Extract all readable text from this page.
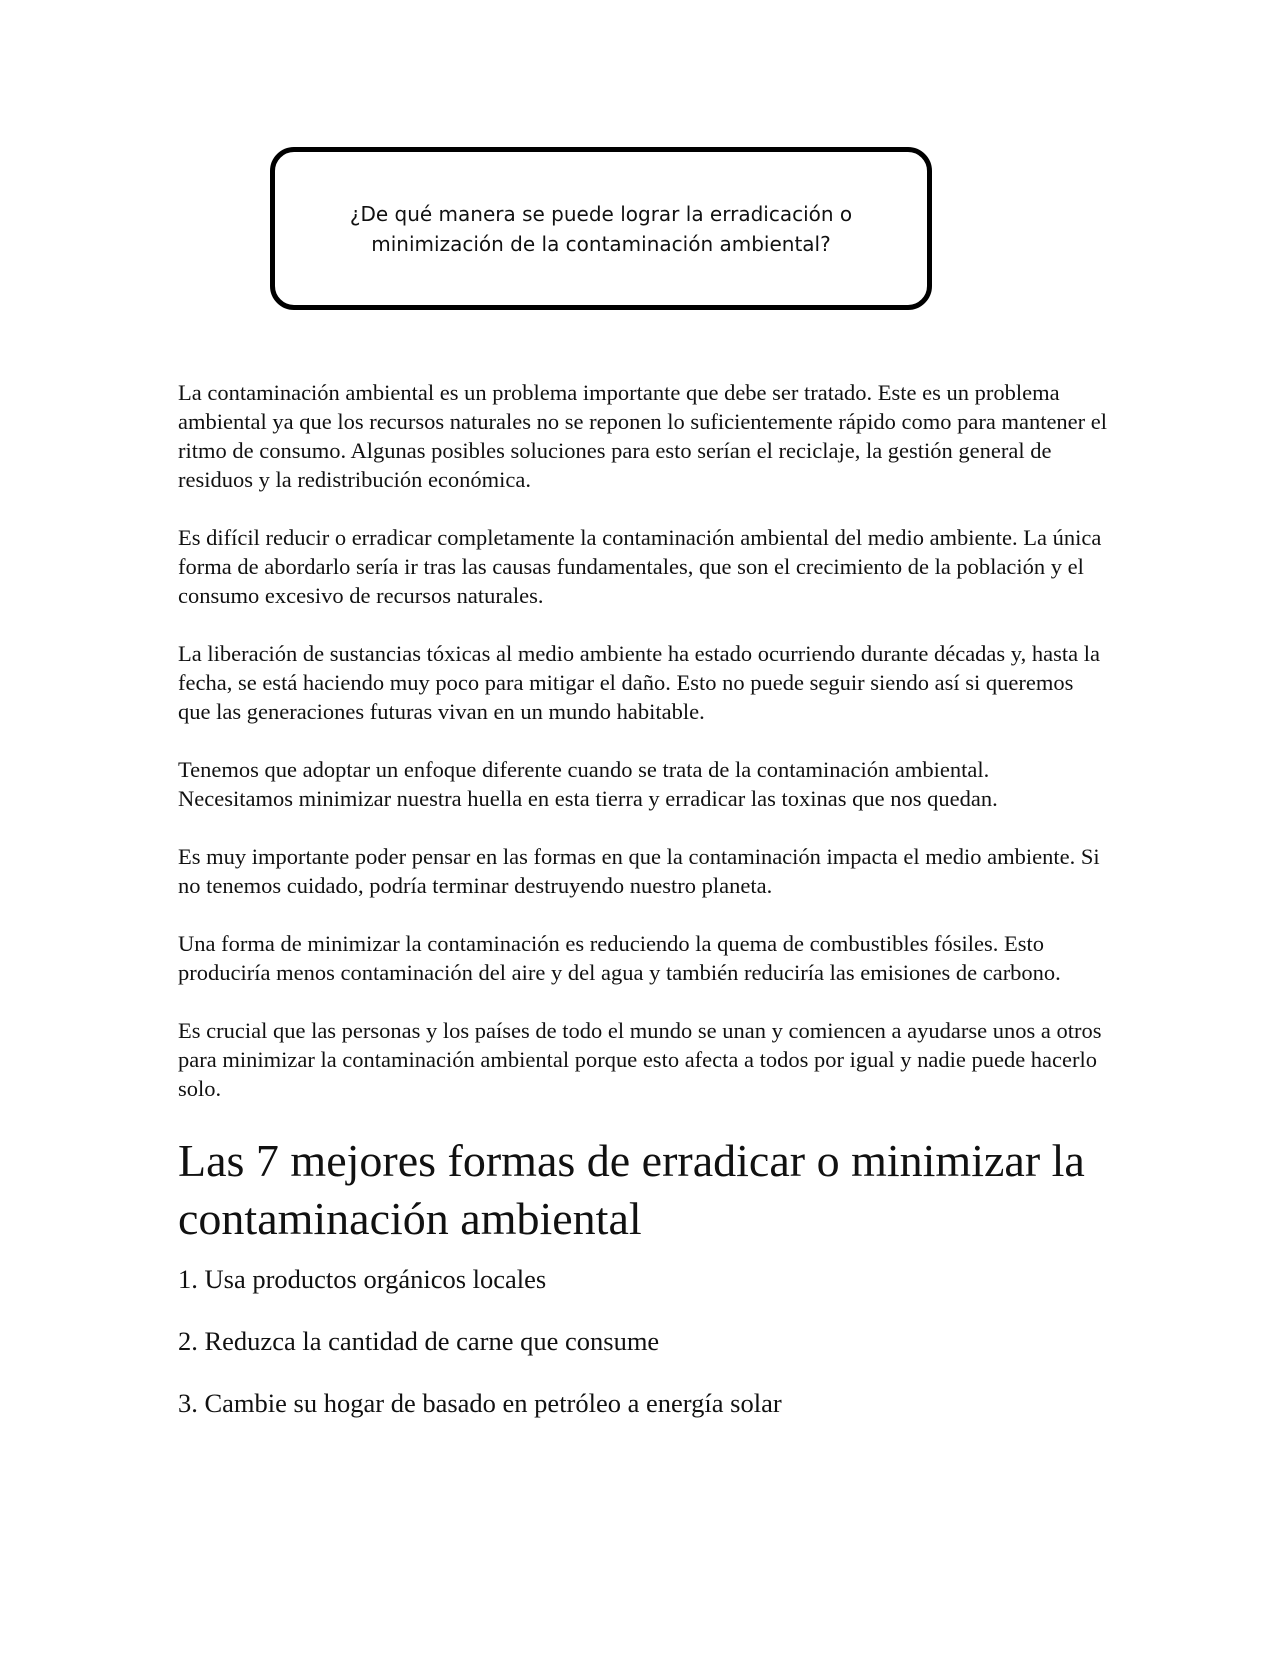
¿De qué manera se puede lograr la erradicación o minimización de la contaminación ambiental?

La contaminación ambiental es un problema importante que debe ser tratado. Este es un problema ambiental ya que los recursos naturales no se reponen lo suficientemente rápido como para mantener el ritmo de consumo. Algunas posibles soluciones para esto serían el reciclaje, la gestión general de residuos y la redistribución económica.

Es difícil reducir o erradicar completamente la contaminación ambiental del medio ambiente. La única forma de abordarlo sería ir tras las causas fundamentales, que son el crecimiento de la población y el consumo excesivo de recursos naturales.

La liberación de sustancias tóxicas al medio ambiente ha estado ocurriendo durante décadas y, hasta la fecha, se está haciendo muy poco para mitigar el daño. Esto no puede seguir siendo así si queremos que las generaciones futuras vivan en un mundo habitable.

Tenemos que adoptar un enfoque diferente cuando se trata de la contaminación ambiental. Necesitamos minimizar nuestra huella en esta tierra y erradicar las toxinas que nos quedan.

Es muy importante poder pensar en las formas en que la contaminación impacta el medio ambiente. Si no tenemos cuidado, podría terminar destruyendo nuestro planeta.

Una forma de minimizar la contaminación es reduciendo la quema de combustibles fósiles. Esto produciría menos contaminación del aire y del agua y también reduciría las emisiones de carbono.

Es crucial que las personas y los países de todo el mundo se unan y comiencen a ayudarse unos a otros para minimizar la contaminación ambiental porque esto afecta a todos por igual y nadie puede hacerlo solo.

Las 7 mejores formas de erradicar o minimizar la contaminación ambiental

1. Usa productos orgánicos locales

2. Reduzca la cantidad de carne que consume

3. Cambie su hogar de basado en petróleo a energía solar
